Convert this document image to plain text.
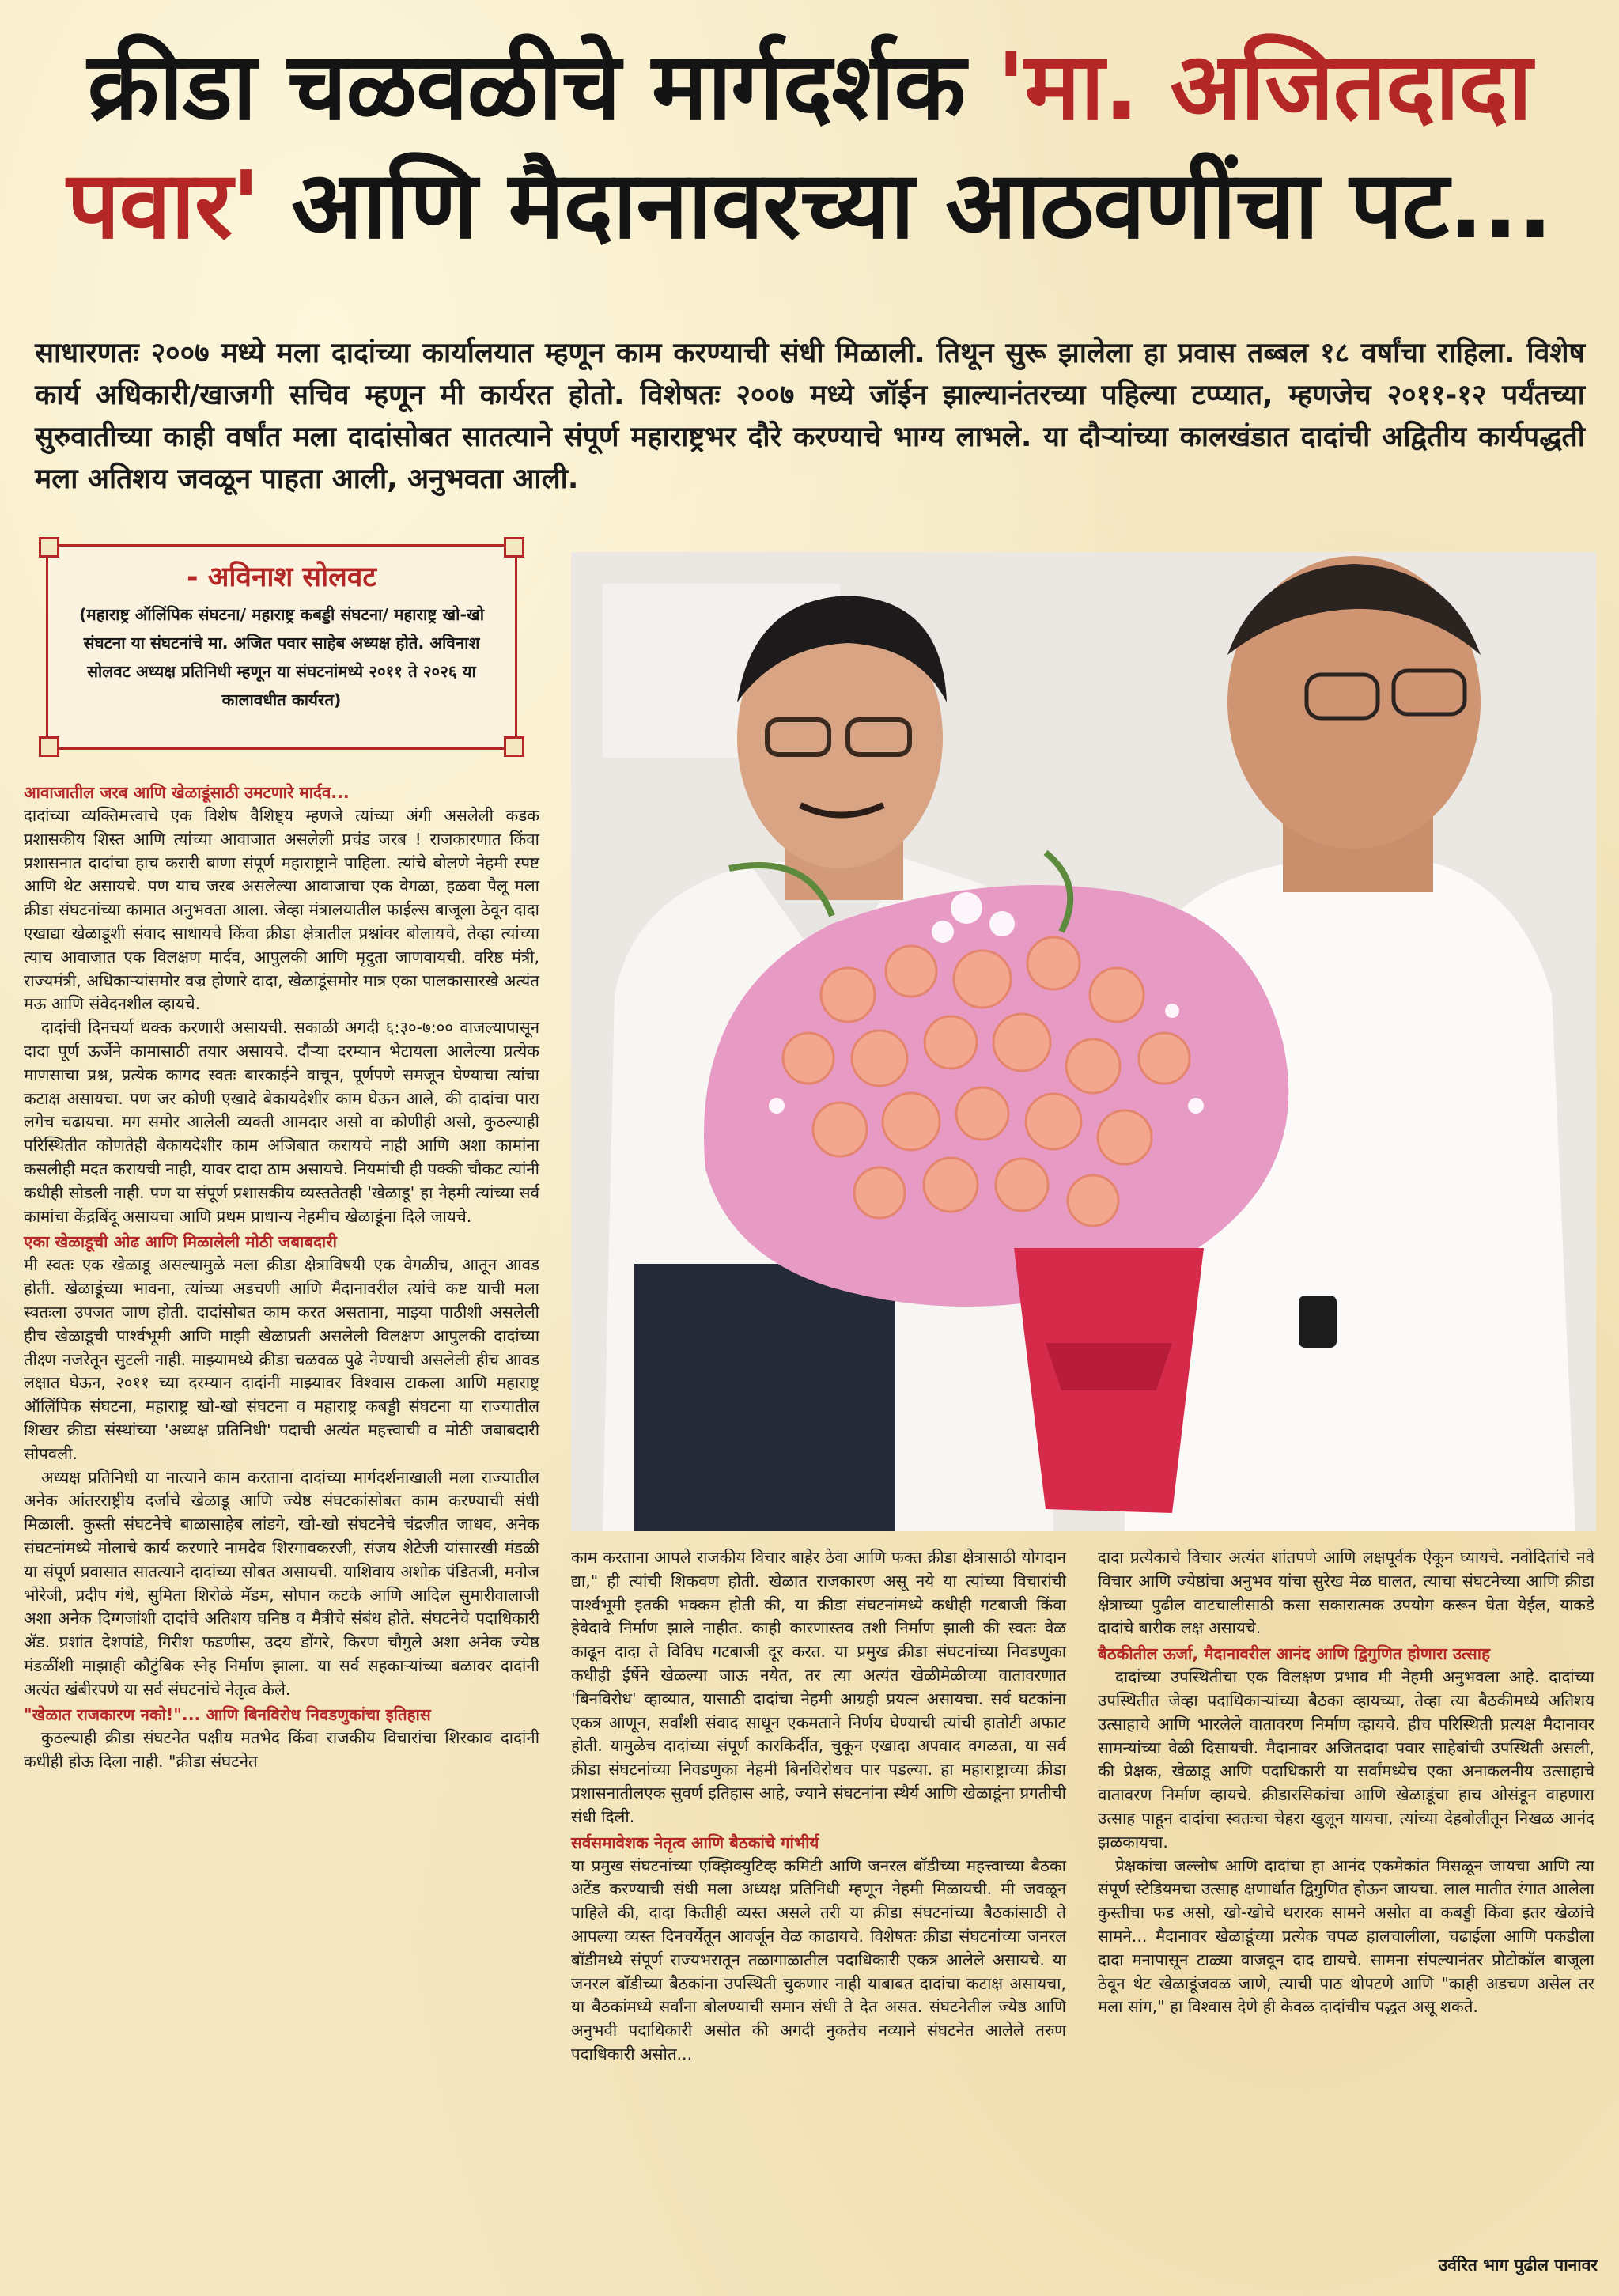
क्रीडा चळवळीचे मार्गदर्शक 'मा. अजितदादा
पवार' आणि मैदानावरच्या आठवणींचा पट...

साधारणतः २००७ मध्ये मला दादांच्या कार्यालयात म्हणून काम करण्याची संधी मिळाली. तिथून सुरू झालेला हा प्रवास तब्बल १८ वर्षांचा राहिला. विशेष कार्य अधिकारी/खाजगी सचिव म्हणून मी कार्यरत होतो. विशेषतः २००७ मध्ये जॉईन झाल्यानंतरच्या पहिल्या टप्प्यात, म्हणजेच २०११-१२ पर्यंतच्या सुरुवातीच्या काही वर्षांत मला दादांसोबत सातत्याने संपूर्ण महाराष्ट्रभर दौरे करण्याचे भाग्य लाभले. या दौऱ्यांच्या कालखंडात दादांची अद्वितीय कार्यपद्धती मला अतिशय जवळून पाहता आली, अनुभवता आली.

- अविनाश सोलवट
(महाराष्ट्र ऑलिंपिक संघटना/ महाराष्ट्र कबड्डी संघटना/ महाराष्ट्र खो-खो संघटना या संघटनांचे मा. अजित पवार साहेब अध्यक्ष होते. अविनाश सोलवट अध्यक्ष प्रतिनिधी म्हणून या संघटनांमध्ये २०११ ते २०२६ या कालावधीत कार्यरत)

आवाजातील जरब आणि खेळाडूंसाठी उमटणारे मार्दव...

दादांच्या व्यक्तिमत्त्वाचे एक विशेष वैशिष्ट्य म्हणजे त्यांच्या अंगी असलेली कडक प्रशासकीय शिस्त आणि त्यांच्या आवाजात असलेली प्रचंड जरब ! राजकारणात किंवा प्रशासनात दादांचा हाच करारी बाणा संपूर्ण महाराष्ट्राने पाहिला. त्यांचे बोलणे नेहमी स्पष्ट आणि थेट असायचे. पण याच जरब असलेल्या आवाजाचा एक वेगळा, हळवा पैलू मला क्रीडा संघटनांच्या कामात अनुभवता आला. जेव्हा मंत्रालयातील फाईल्स बाजूला ठेवून दादा एखाद्या खेळाडूशी संवाद साधायचे किंवा क्रीडा क्षेत्रातील प्रश्नांवर बोलायचे, तेव्हा त्यांच्या त्याच आवाजात एक विलक्षण मार्दव, आपुलकी आणि मृदुता जाणवायची. वरिष्ठ मंत्री, राज्यमंत्री, अधिकाऱ्यांसमोर वज्र होणारे दादा, खेळाडूंसमोर मात्र एका पालकासारखे अत्यंत मऊ आणि संवेदनशील व्हायचे.

दादांची दिनचर्या थक्क करणारी असायची. सकाळी अगदी ६:३०-७:०० वाजल्यापासून दादा पूर्ण ऊर्जेने कामासाठी तयार असायचे. दौऱ्या दरम्यान भेटायला आलेल्या प्रत्येक माणसाचा प्रश्न, प्रत्येक कागद स्वतः बारकाईने वाचून, पूर्णपणे समजून घेण्याचा त्यांचा कटाक्ष असायचा. पण जर कोणी एखादे बेकायदेशीर काम घेऊन आले, की दादांचा पारा लगेच चढायचा. मग समोर आलेली व्यक्ती आमदार असो वा कोणीही असो, कुठल्याही परिस्थितीत कोणतेही बेकायदेशीर काम अजिबात करायचे नाही आणि अशा कामांना कसलीही मदत करायची नाही, यावर दादा ठाम असायचे. नियमांची ही पक्की चौकट त्यांनी कधीही सोडली नाही. पण या संपूर्ण प्रशासकीय व्यस्ततेतही 'खेळाडू' हा नेहमी त्यांच्या सर्व कामांचा केंद्रबिंदू असायचा आणि प्रथम प्राधान्य नेहमीच खेळाडूंना दिले जायचे.

एका खेळाडूची ओढ आणि मिळालेली मोठी जबाबदारी

मी स्वतः एक खेळाडू असल्यामुळे मला क्रीडा क्षेत्राविषयी एक वेगळीच, आतून आवड होती. खेळाडूंच्या भावना, त्यांच्या अडचणी आणि मैदानावरील त्यांचे कष्ट याची मला स्वतःला उपजत जाण होती. दादांसोबत काम करत असताना, माझ्या पाठीशी असलेली हीच खेळाडूची पार्श्वभूमी आणि माझी खेळाप्रती असलेली विलक्षण आपुलकी दादांच्या तीक्ष्ण नजरेतून सुटली नाही. माझ्यामध्ये क्रीडा चळवळ पुढे नेण्याची असलेली हीच आवड लक्षात घेऊन, २०११ च्या दरम्यान दादांनी माझ्यावर विश्वास टाकला आणि महाराष्ट्र ऑलिंपिक संघटना, महाराष्ट्र खो-खो संघटना व महाराष्ट्र कबड्डी संघटना या राज्यातील शिखर क्रीडा संस्थांच्या 'अध्यक्ष प्रतिनिधी' पदाची अत्यंत महत्त्वाची व मोठी जबाबदारी सोपवली.

अध्यक्ष प्रतिनिधी या नात्याने काम करताना दादांच्या मार्गदर्शनाखाली मला राज्यातील अनेक आंतरराष्ट्रीय दर्जाचे खेळाडू आणि ज्येष्ठ संघटकांसोबत काम करण्याची संधी मिळाली. कुस्ती संघटनेचे बाळासाहेब लांडगे, खो-खो संघटनेचे चंद्रजीत जाधव, अनेक संघटनांमध्ये मोलाचे कार्य करणारे नामदेव शिरगावकरजी, संजय शेटेजी यांसारखी मंडळी या संपूर्ण प्रवासात सातत्याने दादांच्या सोबत असायची. याशिवाय अशोक पंडितजी, मनोज भोरेजी, प्रदीप गंधे, सुमिता शिरोळे मॅडम, सोपान कटके आणि आदिल सुमारीवालाजी अशा अनेक दिग्गजांशी दादांचे अतिशय घनिष्ठ व मैत्रीचे संबंध होते. संघटनेचे पदाधिकारी ॲड. प्रशांत देशपांडे, गिरीश फडणीस, उदय डोंगरे, किरण चौगुले अशा अनेक ज्येष्ठ मंडळींशी माझाही कौटुंबिक स्नेह निर्माण झाला. या सर्व सहकाऱ्यांच्या बळावर दादांनी अत्यंत खंबीरपणे या सर्व संघटनांचे नेतृत्व केले.

"खेळात राजकारण नको!"... आणि बिनविरोध निवडणुकांचा इतिहास

कुठल्याही क्रीडा संघटनेत पक्षीय मतभेद किंवा राजकीय विचारांचा शिरकाव दादांनी कधीही होऊ दिला नाही. "क्रीडा संघटनेत

काम करताना आपले राजकीय विचार बाहेर ठेवा आणि फक्त क्रीडा क्षेत्रासाठी योगदान द्या," ही त्यांची शिकवण होती. खेळात राजकारण असू नये या त्यांच्या विचारांची पार्श्वभूमी इतकी भक्कम होती की, या क्रीडा संघटनांमध्ये कधीही गटबाजी किंवा हेवेदावे निर्माण झाले नाहीत. काही कारणास्तव तशी निर्माण झाली की स्वतः वेळ काढून दादा ते विविध गटबाजी दूर करत. या प्रमुख क्रीडा संघटनांच्या निवडणुका कधीही ईर्षेने खेळल्या जाऊ नयेत, तर त्या अत्यंत खेळीमेळीच्या वातावरणात 'बिनविरोध' व्हाव्यात, यासाठी दादांचा नेहमी आग्रही प्रयत्न असायचा. सर्व घटकांना एकत्र आणून, सर्वांशी संवाद साधून एकमताने निर्णय घेण्याची त्यांची हातोटी अफाट होती. यामुळेच दादांच्या संपूर्ण कारकिर्दीत, चुकून एखादा अपवाद वगळता, या सर्व क्रीडा संघटनांच्या निवडणुका नेहमी बिनविरोधच पार पडल्या. हा महाराष्ट्राच्या क्रीडा प्रशासनातीलएक सुवर्ण इतिहास आहे, ज्याने संघटनांना स्थैर्य आणि खेळाडूंना प्रगतीची संधी दिली.

सर्वसमावेशक नेतृत्व आणि बैठकांचे गांभीर्य

या प्रमुख संघटनांच्या एक्झिक्युटिव्ह कमिटी आणि जनरल बॉडीच्या महत्त्वाच्या बैठका अटेंड करण्याची संधी मला अध्यक्ष प्रतिनिधी म्हणून नेहमी मिळायची. मी जवळून पाहिले की, दादा कितीही व्यस्त असले तरी या क्रीडा संघटनांच्या बैठकांसाठी ते आपल्या व्यस्त दिनचर्येतून आवर्जून वेळ काढायचे. विशेषतः क्रीडा संघटनांच्या जनरल बॉडीमध्ये संपूर्ण राज्यभरातून तळागाळातील पदाधिकारी एकत्र आलेले असायचे. या जनरल बॉडीच्या बैठकांना उपस्थिती चुकणार नाही याबाबत दादांचा कटाक्ष असायचा, या बैठकांमध्ये सर्वांना बोलण्याची समान संधी ते देत असत. संघटनेतील ज्येष्ठ आणि अनुभवी पदाधिकारी असोत की अगदी नुकतेच नव्याने संघटनेत आलेले तरुण पदाधिकारी असोत...

दादा प्रत्येकाचे विचार अत्यंत शांतपणे आणि लक्षपूर्वक ऐकून घ्यायचे. नवोदितांचे नवे विचार आणि ज्येष्ठांचा अनुभव यांचा सुरेख मेळ घालत, त्याचा संघटनेच्या आणि क्रीडा क्षेत्राच्या पुढील वाटचालीसाठी कसा सकारात्मक उपयोग करून घेता येईल, याकडे दादांचे बारीक लक्ष असायचे.

बैठकीतील ऊर्जा, मैदानावरील आनंद आणि द्विगुणित होणारा उत्साह

दादांच्या उपस्थितीचा एक विलक्षण प्रभाव मी नेहमी अनुभवला आहे. दादांच्या उपस्थितीत जेव्हा पदाधिकाऱ्यांच्या बैठका व्हायच्या, तेव्हा त्या बैठकीमध्ये अतिशय उत्साहाचे आणि भारलेले वातावरण निर्माण व्हायचे. हीच परिस्थिती प्रत्यक्ष मैदानावर सामन्यांच्या वेळी दिसायची. मैदानावर अजितदादा पवार साहेबांची उपस्थिती असली, की प्रेक्षक, खेळाडू आणि पदाधिकारी या सर्वांमध्येच एका अनाकलनीय उत्साहाचे वातावरण निर्माण व्हायचे. क्रीडारसिकांचा आणि खेळाडूंचा हाच ओसंडून वाहणारा उत्साह पाहून दादांचा स्वतःचा चेहरा खुलून यायचा, त्यांच्या देहबोलीतून निखळ आनंद झळकायचा.

प्रेक्षकांचा जल्लोष आणि दादांचा हा आनंद एकमेकांत मिसळून जायचा आणि त्या संपूर्ण स्टेडियमचा उत्साह क्षणार्धात द्विगुणित होऊन जायचा. लाल मातीत रंगात आलेला कुस्तीचा फड असो, खो-खोचे थरारक सामने असोत वा कबड्डी किंवा इतर खेळांचे सामने... मैदानावर खेळाडूंच्या प्रत्येक चपळ हालचालीला, चढाईला आणि पकडीला दादा मनापासून टाळ्या वाजवून दाद द्यायचे. सामना संपल्यानंतर प्रोटोकॉल बाजूला ठेवून थेट खेळाडूंजवळ जाणे, त्याची पाठ थोपटणे आणि "काही अडचण असेल तर मला सांग," हा विश्वास देणे ही केवळ दादांचीच पद्धत असू शकते.

उर्वरित भाग पुढील पानावर
